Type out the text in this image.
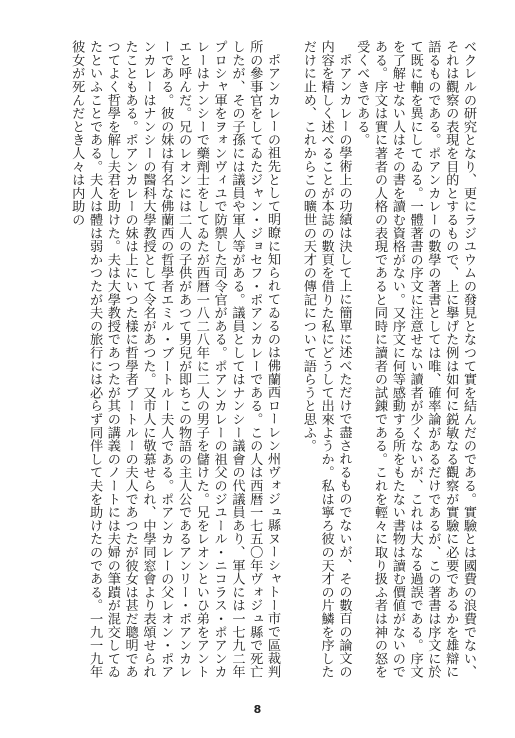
ベクレルの研究となり、更にラジユウムの發見となつて實を結んだのである。實驗とは國費の浪費でない、それは觀察の表現を目的とするもので、上に擧げた例は如何に鋭敏なる觀察が實驗に必要であるかを雄辯に語るものである。ポアンカレーの數學の著書としては唯、確率論があるだけであるが、この著書は序文に於て既に軸を異にしてゐる。一體著書の序文に注意せない讀者が少くないが、これは大なる過誤である。序文を了解せない人はその書を讀む資格がない。又序文に何等感動する所をもたない書物は讀む價値がないのである。序文は實に著者の人格の表現であると同時に讀者の試錬である。これを輕々に取り扱ふ者は神の怒を受くべきである。

ポアンカレーの學術上の功績は決して上に簡單に述べただけで盡されるものでないが、その數百の論文の内容を精しく述べることが本誌の數頁を借りた私にどうして出來ようか。私は寧ろ彼の天才の片鱗を序しただけに止め、これからこの曠世の天才の傳記について語らうと思ふ。

ポアンカレーの祖先として明瞭に知られてゐるのは佛蘭西ローレン州ヴォジュ縣ヌーシャトー市で區裁判所の參事官をしてゐたジャン・ジョセフ・ポアンカレーである。この人は西暦一七五〇年ヴォジュ縣で死亡したが、その子孫には議員や軍人等がある。議員としてはナンシー議會の代議員あり、軍人には一七九二年プロシャ軍をヲォンヴィユで防禦した司令官がある。ポアンカレーの祖父のジユール・ニコラス・ポアンカレーはナンシーで藥劑士をしてゐたが西暦一八二八年に二人の男子を儲けた。兄をレオンといひ弟をアントエと呼んだ。兄のレオンには二人の子供があつて男兒が即ちこの物語の主人公であるアンリー・ポアンカレーである。彼の妹は有名な佛蘭西の哲學者エミル・ブートルー夫人である。ポアンカレーの父レオン・ポアンカレーはナンシーの醫科大學教授として令名があつた。又市人に敬慕せられ、中學同窓會より表頌せられたこともある。ポアンカレーの妹は上にいつた樣に哲學者ブートルーの夫人であつたが彼女は甚だ聰明であつてよく哲學を解し夫君を助けた。夫は大學教授であつたが其の講義のノートには夫婦の筆蹟が混交してゐたといふことである。夫人は體は弱かつたが夫の旅行には必らず同伴して夫を助けたのである。一九一九年彼女が死んだとき人々は内助の

8
